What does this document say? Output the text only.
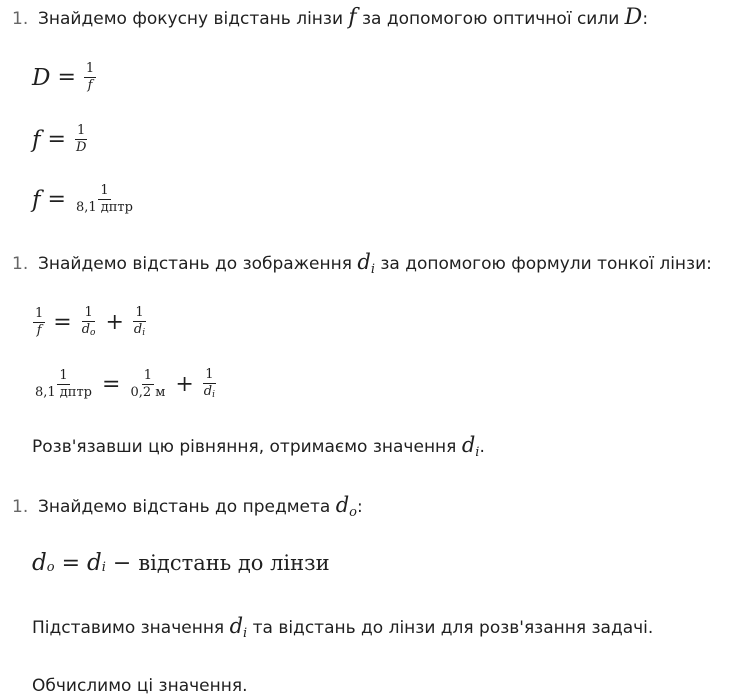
1. Знайдемо фокусну відстань лінзи f за допомогою оптичної сили D:
$D = \frac{1}{f}$
$f = \frac{1}{D}$
$f = \frac{1}{\text{8,1 дптр}}$
1. Знайдемо відстань до зображення $d_i$ за допомогою формули тонкої лінзи:
$\frac{1}{f} = \frac{1}{do} + \frac{1}{di}$
$\frac{1}{\text{8,1 дптр}} = \frac{1}{0,2 м} + \frac{1}{di}$
Розв'язавши цю рівняння, отримаємо значення $d_i$.
1. Знайдемо відстань до предмета $d_o$:
d o = d i − відстань до лінзи
Підставимо значення $d_i$ та відстань до лінзи для розв'язання задачі.
Обчислимо ці значення.
